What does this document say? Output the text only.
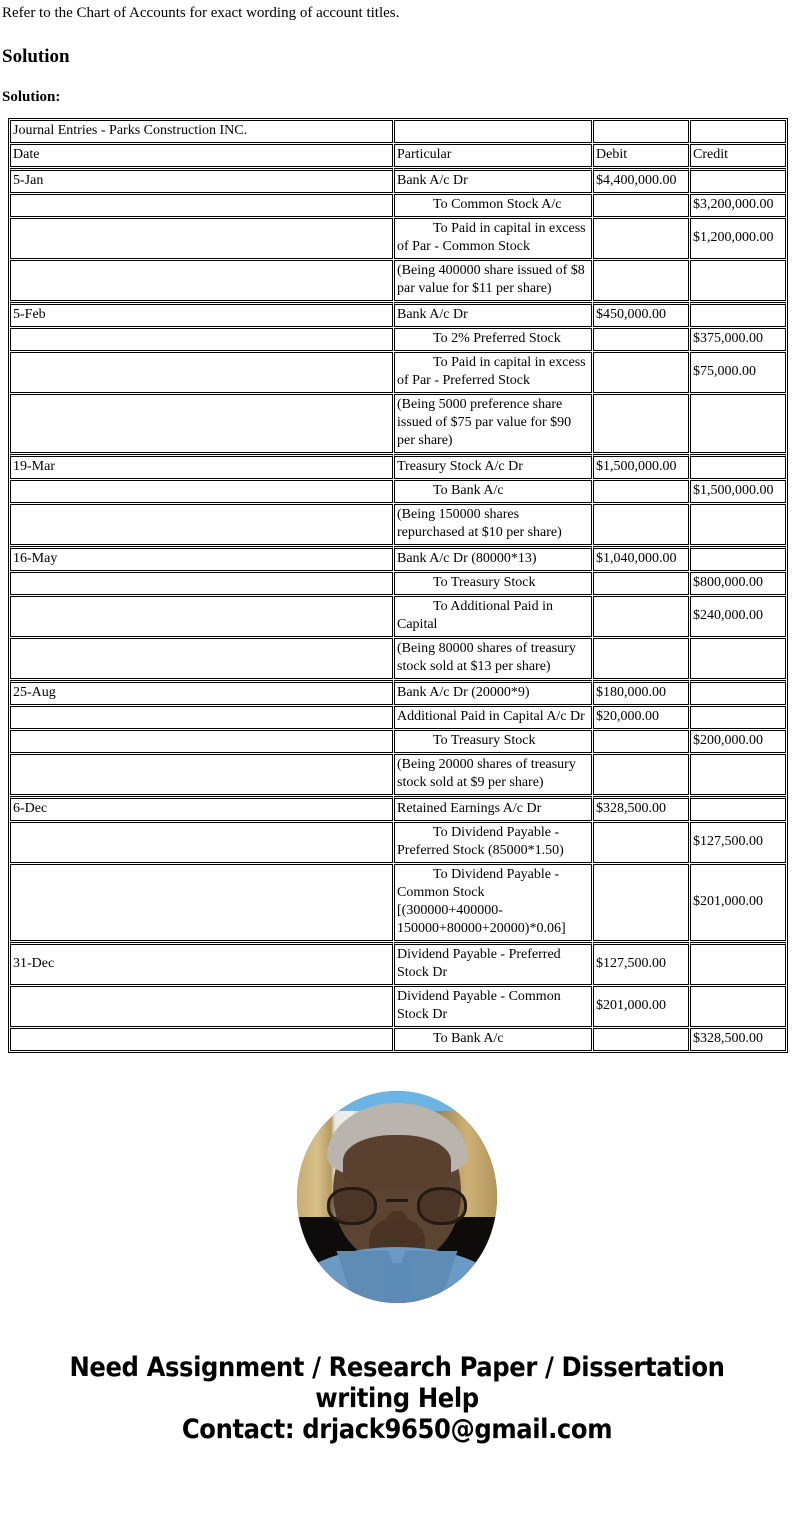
Refer to the Chart of Accounts for exact wording of account titles.

Solution

Solution:

Journal Entries - Parks Construction INC.			
Date	Particular	Debit	Credit
5-Jan	Bank A/c Dr	$4,400,000.00	

	To Common Stock A/c		$3,200,000.00

	To Paid in capital in excess of Par - Common Stock		$1,200,000.00
	(Being 400000 share issued of $8 par value for $11 per share)		
5-Feb	Bank A/c Dr	$450,000.00	

	To 2% Preferred Stock		$375,000.00

	To Paid in capital in excess of Par - Preferred Stock		$75,000.00
	(Being 5000 preference share issued of $75 par value for $90 per share)		
19-Mar	Treasury Stock A/c Dr	$1,500,000.00	

	To Bank A/c		$1,500,000.00
	(Being 150000 shares repurchased at $10 per share)		
16-May	Bank A/c Dr (80000*13)	$1,040,000.00	

	To Treasury Stock		$800,000.00

	To Additional Paid in Capital		$240,000.00
	(Being 80000 shares of treasury stock sold at $13 per share)		
25-Aug	Bank A/c Dr (20000*9)	$180,000.00	
	Additional Paid in Capital A/c Dr	$20,000.00	

	To Treasury Stock		$200,000.00
	(Being 20000 shares of treasury stock sold at $9 per share)		
6-Dec	Retained Earnings A/c Dr	$328,500.00	

	To Dividend Payable - Preferred Stock (85000*1.50)		$127,500.00

	To Dividend Payable - Common Stock [(300000+400000-150000+80000+20000)*0.06]		$201,000.00
31-Dec	Dividend Payable - Preferred Stock Dr	$127,500.00	
	Dividend Payable - Common Stock Dr	$201,000.00	

	To Bank A/c		$328,500.00
Need Assignment / Research Paper / Dissertation
writing Help
Contact: drjack9650@gmail.com
